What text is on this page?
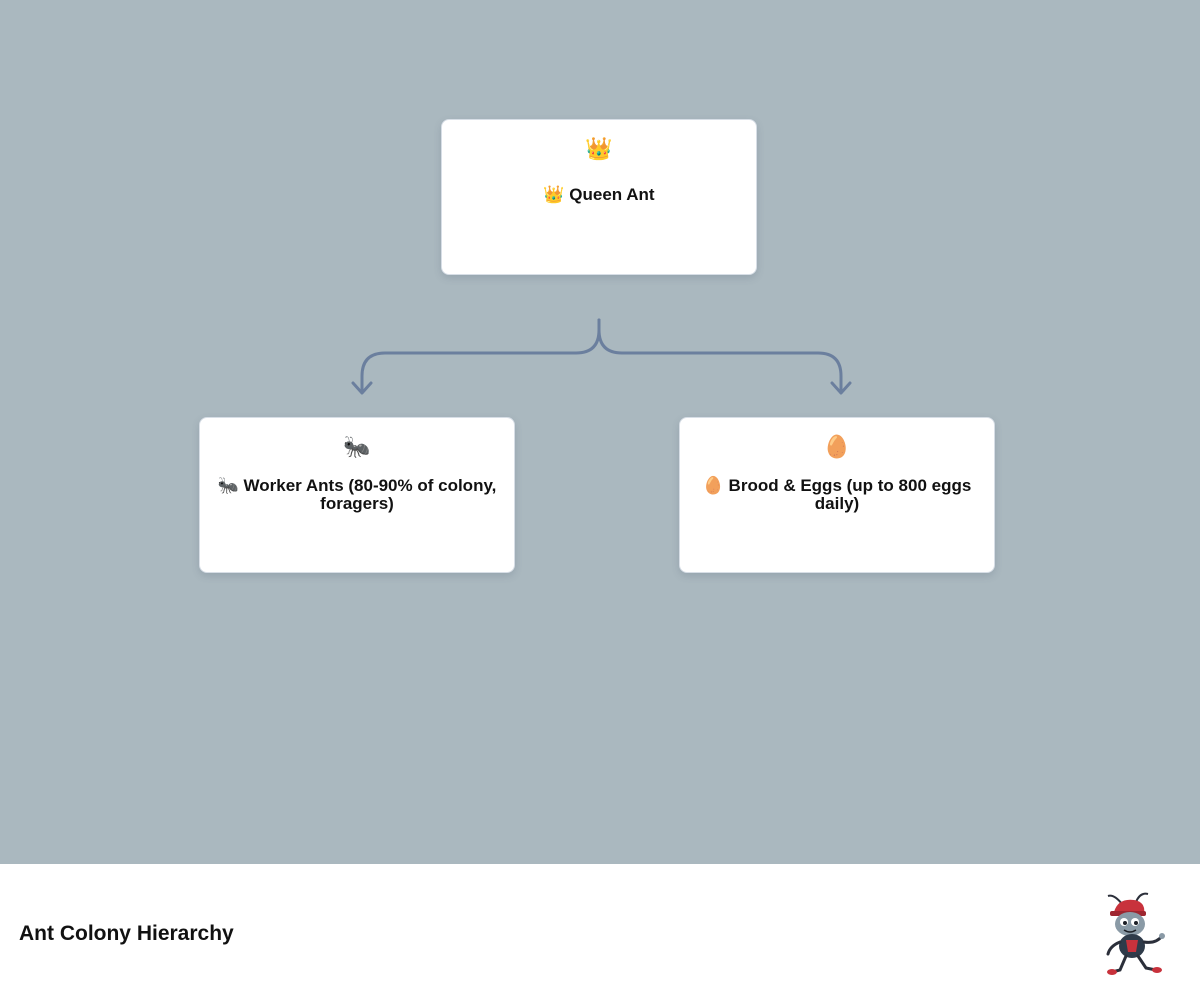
👑
👑 Queen Ant
🐜
🐜 Worker Ants (80-90% of colony, foragers)
🥚
🥚 Brood & Eggs (up to 800 eggs daily)
Ant Colony Hierarchy
